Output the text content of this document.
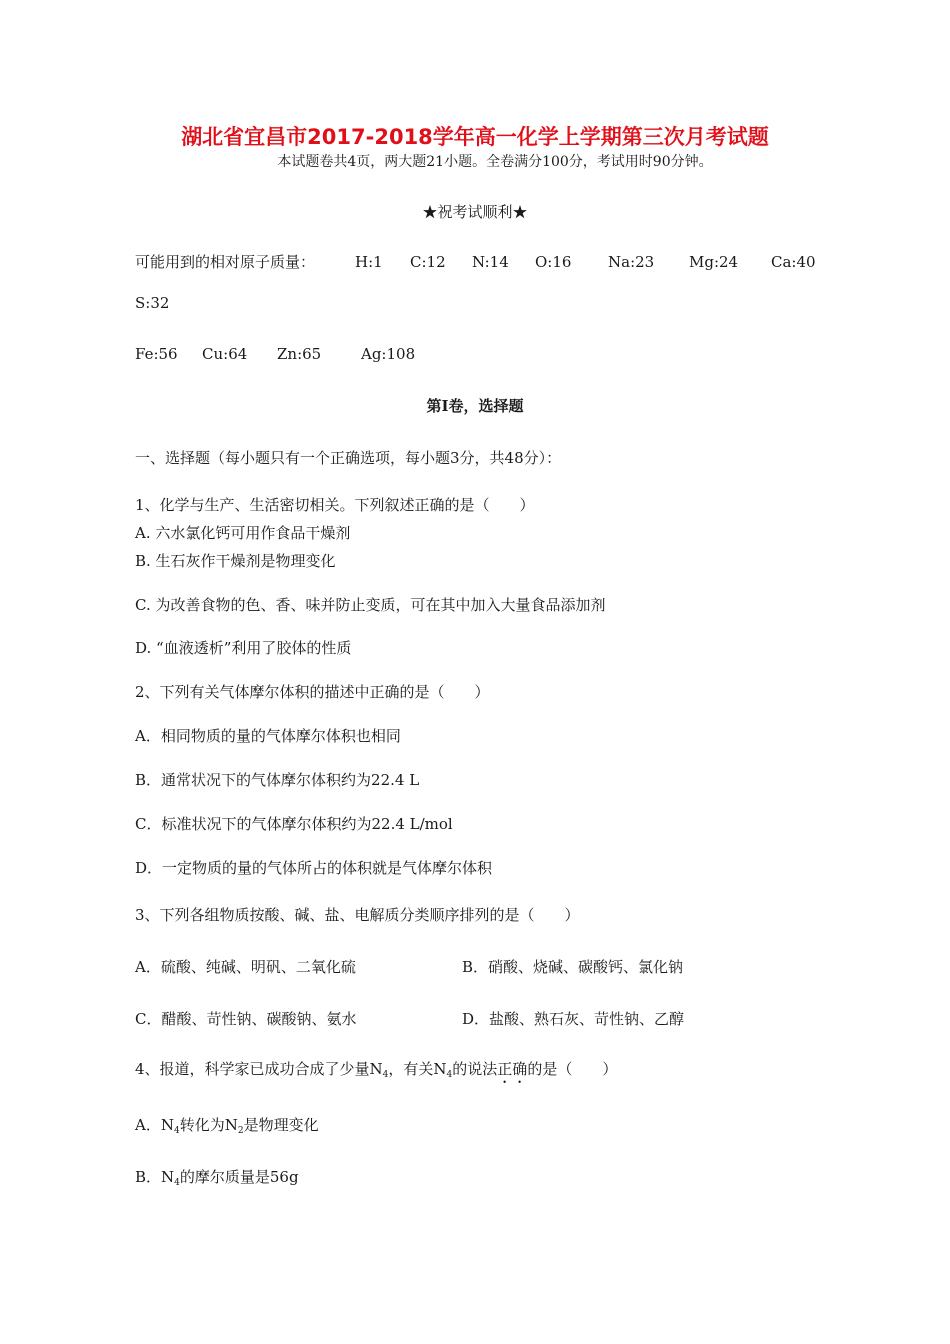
湖北省宜昌市2017-2018学年高一化学上学期第三次月考试题
本试题卷共4页，两大题21小题。全卷满分100分，考试用时90分钟。
★祝考试顺利★
可能用到的相对原子质量：	H:1 C:12 N:14 O:16 Na:23 Mg:24 Ca:40
S:32
Fe:56 Cu:64 Zn:65	Ag:108
第Ⅰ卷，选择题
一、选择题（每小题只有一个正确选项，每小题3分，共48分）：
1、化学与生产、生活密切相关。下列叙述正确的是（　　）
A. 六水氯化钙可用作食品干燥剂
B. 生石灰作干燥剂是物理变化
C. 为改善食物的色、香、味并防止变质，可在其中加入大量食品添加剂
D. “血液透析”利用了胶体的性质
2、下列有关气体摩尔体积的描述中正确的是（　　）
A．相同物质的量的气体摩尔体积也相同
B．通常状况下的气体摩尔体积约为22.4 L
C．标准状况下的气体摩尔体积约为22.4 L/mol
D．一定物质的量的气体所占的体积就是气体摩尔体积
3、下列各组物质按酸、碱、盐、电解质分类顺序排列的是（　　）
A．硫酸、纯碱、明矾、二氧化硫	B．硝酸、烧碱、碳酸钙、氯化钠
C．醋酸、苛性钠、碳酸钠、氨水	D．盐酸、熟石灰、苛性钠、乙醇
4、报道，科学家已成功合成了少量$N_4$，有关$N_4$的说法正确的是（　　）
A．$N_4$转化为$N_2$是物理变化
B．$N_4$的摩尔质量是56g
